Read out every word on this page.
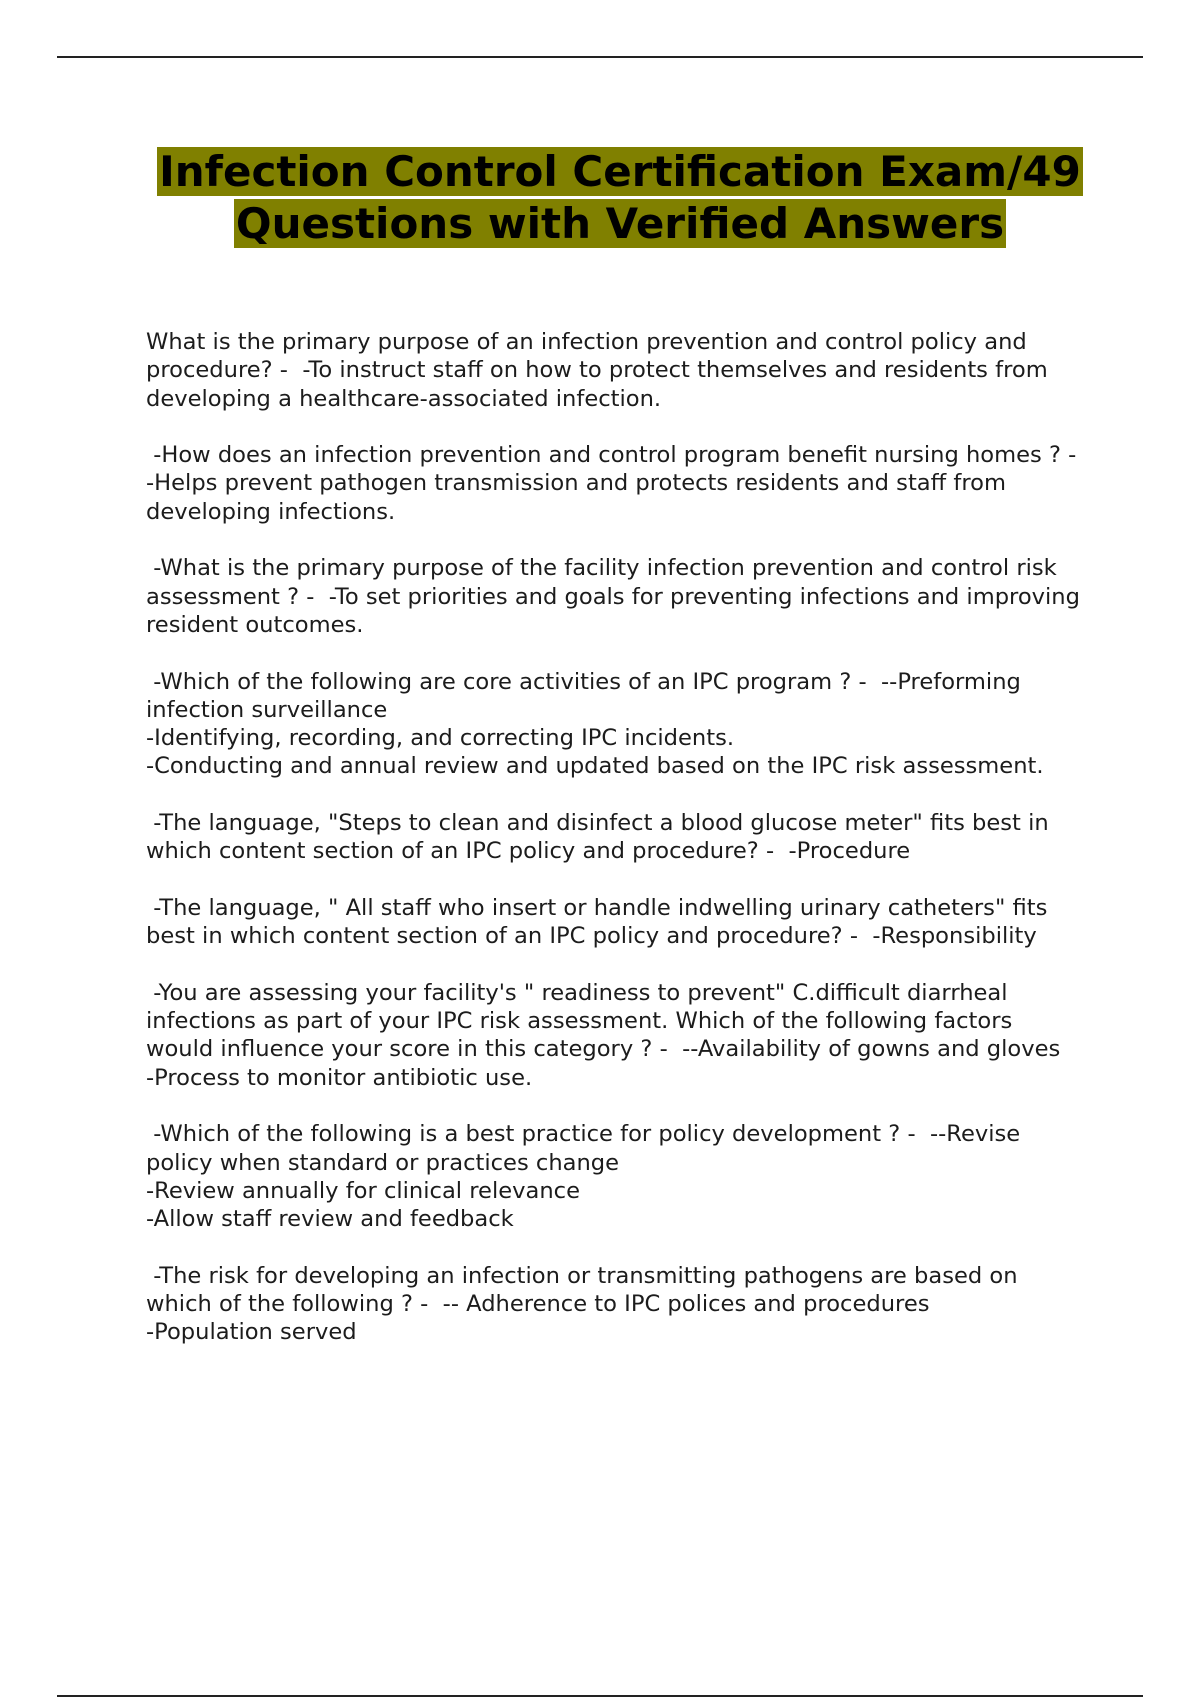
Infection Control Certification Exam/49 Questions with Verified Answers

What is the primary purpose of an infection prevention and control policy and procedure? -  -To instruct staff on how to protect themselves and residents from developing a healthcare-associated infection.

-How does an infection prevention and control program benefit nursing homes ? -  -Helps prevent pathogen transmission and protects residents and staff from developing infections.

-What is the primary purpose of the facility infection prevention and control risk assessment ? -  -To set priorities and goals for preventing infections and improving resident outcomes.

-Which of the following are core activities of an IPC program ? -  --Preforming infection surveillance

-Identifying, recording, and correcting IPC incidents.

-Conducting and annual review and updated based on the IPC risk assessment.

-The language, "Steps to clean and disinfect a blood glucose meter" fits best in which content section of an IPC policy and procedure? -  -Procedure

-The language, " All staff who insert or handle indwelling urinary catheters" fits best in which content section of an IPC policy and procedure? -  -Responsibility

-You are assessing your facility's " readiness to prevent" C.difficult diarrheal infections as part of your IPC risk assessment. Which of the following factors would influence your score in this category ? -  --Availability of gowns and gloves

-Process to monitor antibiotic use.

-Which of the following is a best practice for policy development ? -  --Revise policy when standard or practices change

-Review annually for clinical relevance

-Allow staff review and feedback

-The risk for developing an infection or transmitting pathogens are based on which of the following ? -  -- Adherence to IPC polices and procedures

-Population served
